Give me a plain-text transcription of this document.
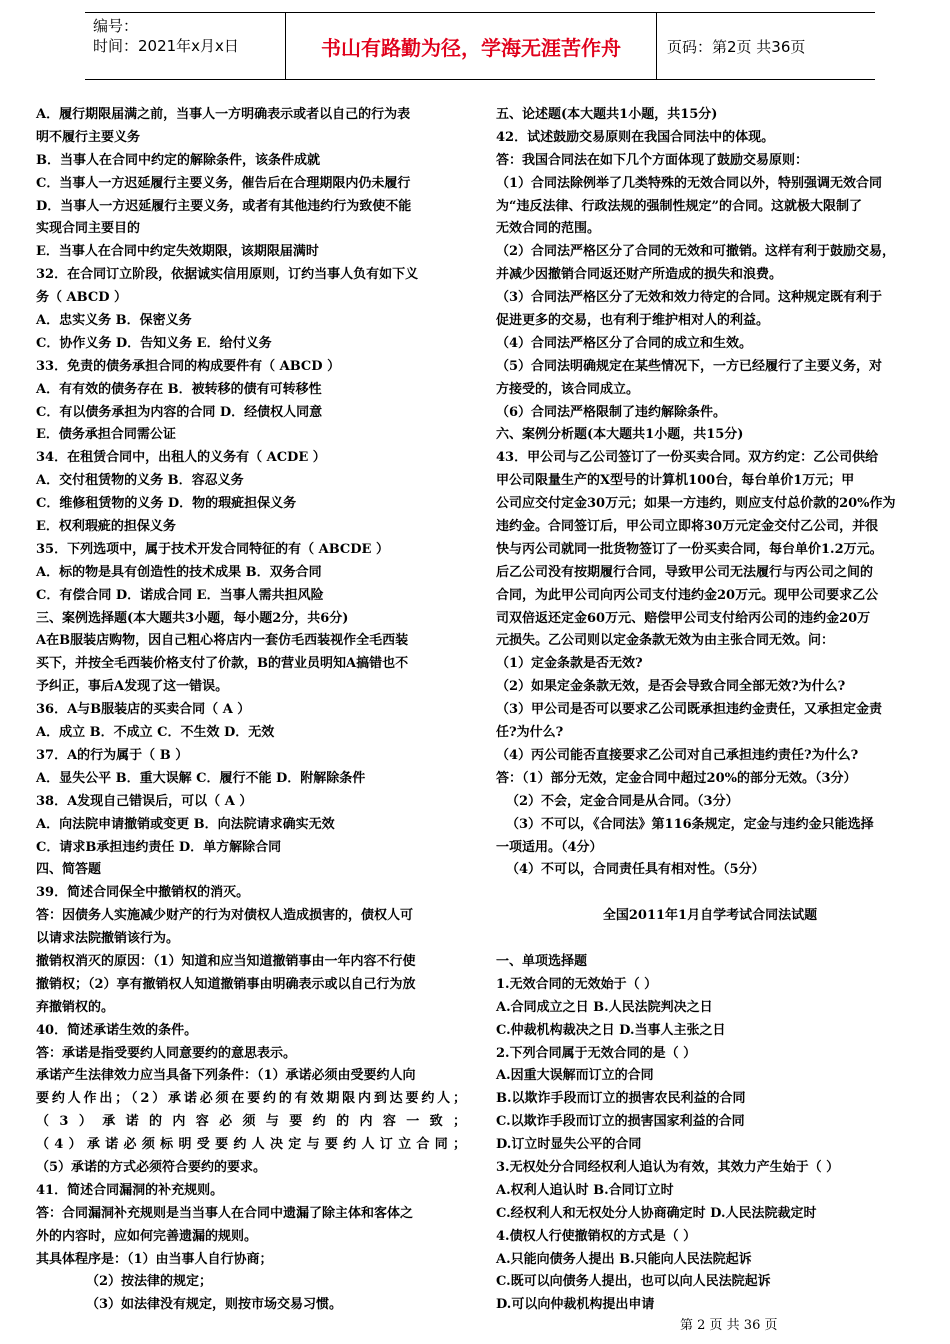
编号：
时间：2021年x月x日	书山有路勤为径，学海无涯苦作舟	页码：第2页 共36页
A．履行期限届满之前，当事人一方明确表示或者以自己的行为表
明不履行主要义务
B．当事人在合同中约定的解除条件，该条件成就
C．当事人一方迟延履行主要义务，催告后在合理期限内仍未履行
D．当事人一方迟延履行主要义务，或者有其他违约行为致使不能
实现合同主要目的
E．当事人在合同中约定失效期限，该期限届满时
32．在合同订立阶段，依据诚实信用原则，订约当事人负有如下义
务（ ABCD ）
A．忠实义务 B．保密义务
C．协作义务 D．告知义务 E．给付义务
33．免责的债务承担合同的构成要件有（ ABCD ）
A．有有效的债务存在 B．被转移的债有可转移性
C．有以债务承担为内容的合同 D．经债权人同意
E．债务承担合同需公证
34．在租赁合同中，出租人的义务有（ ACDE ）
A．交付租赁物的义务 B．容忍义务
C．维修租赁物的义务 D．物的瑕疵担保义务
E．权利瑕疵的担保义务
35．下列选项中，属于技术开发合同特征的有（ ABCDE ）
A．标的物是具有创造性的技术成果 B．双务合同
C．有偿合同 D．诺成合同 E．当事人需共担风险
三、案例选择题(本大题共3小题，每小题2分，共6分)
A在B服装店购物，因自己粗心将店内一套仿毛西装视作全毛西装
买下，并按全毛西装价格支付了价款，B的营业员明知A搞错也不
予纠正，事后A发现了这一错误。
36．A与B服装店的买卖合同（ A ）
A．成立 B．不成立 C．不生效 D．无效
37．A的行为属于（ B ）
A．显失公平 B．重大误解 C．履行不能 D．附解除条件
38．A发现自己错误后，可以（ A ）
A．向法院申请撤销或变更 B．向法院请求确实无效
C．请求B承担违约责任 D．单方解除合同
四、简答题
39．简述合同保全中撤销权的消灭。
答：因债务人实施减少财产的行为对债权人造成损害的，债权人可
以请求法院撤销该行为。
撤销权消灭的原因：（1）知道和应当知道撤销事由一年内容不行使
撤销权；（2）享有撤销权人知道撤销事由明确表示或以自己行为放
弃撤销权的。
40．简述承诺生效的条件。
答：承诺是指受要约人同意要约的意思表示。
承诺产生法律效力应当具备下列条件：（1）承诺必须由受要约人向
要约人作出；（2）承诺必须在要约的有效期限内到达要约人；
（3）承诺的内容必须与要约的内容一致；
（4）承诺必须标明受要约人决定与要约人订立合同；
（5）承诺的方式必须符合要约的要求。
41．简述合同漏洞的补充规则。
答：合同漏洞补充规则是当当事人在合同中遗漏了除主体和客体之
外的内容时，应如何完善遗漏的规则。
其具体程序是：（1）由当事人自行协商；
（2）按法律的规定；
（3）如法律没有规定，则按市场交易习惯。
五、论述题(本大题共1小题，共15分)
42．试述鼓励交易原则在我国合同法中的体现。
答：我国合同法在如下几个方面体现了鼓励交易原则：
（1）合同法除例举了几类特殊的无效合同以外，特别强调无效合同
为“违反法律、行政法规的强制性规定”的合同。这就极大限制了
无效合同的范围。
（2）合同法严格区分了合同的无效和可撤销。这样有利于鼓励交易，
并减少因撤销合同返还财产所造成的损失和浪费。
（3）合同法严格区分了无效和效力待定的合同。这种规定既有利于
促进更多的交易，也有利于维护相对人的利益。
（4）合同法严格区分了合同的成立和生效。
（5）合同法明确规定在某些情况下，一方已经履行了主要义务，对
方接受的，该合同成立。
（6）合同法严格限制了违约解除条件。
六、案例分析题(本大题共1小题，共15分)
43．甲公司与乙公司签订了一份买卖合同。双方约定：乙公司供给
甲公司限量生产的X型号的计算机100台，每台单价1万元；甲
公司应交付定金30万元；如果一方违约，则应支付总价款的20%作为
违约金。合同签订后，甲公司立即将30万元定金交付乙公司，并很
快与丙公司就同一批货物签订了一份买卖合同，每台单价1.2万元。
后乙公司没有按期履行合同，导致甲公司无法履行与丙公司之间的
合同，为此甲公司向丙公司支付违约金20万元。现甲公司要求乙公
司双倍返还定金60万元、赔偿甲公司支付给丙公司的违约金20万
元损失。乙公司则以定金条款无效为由主张合同无效。问：
（1）定金条款是否无效?
（2）如果定金条款无效，是否会导致合同全部无效?为什么?
（3）甲公司是否可以要求乙公司既承担违约金责任，又承担定金责
任?为什么?
（4）丙公司能否直接要求乙公司对自己承担违约责任?为什么?
答：（1）部分无效，定金合同中超过20%的部分无效。（3分）
（2）不会，定金合同是从合同。（3分）
（3）不可以，《合同法》第116条规定，定金与违约金只能选择
一项适用。（4分）
（4）不可以，合同责任具有相对性。（5分）
全国2011年1月自学考试合同法试题
一、单项选择题
1.无效合同的无效始于（ ）
A.合同成立之日 B.人民法院判决之日
C.仲裁机构裁决之日 D.当事人主张之日
2.下列合同属于无效合同的是（ ）
A.因重大误解而订立的合同
B.以欺诈手段而订立的损害农民利益的合同
C.以欺诈手段而订立的损害国家利益的合同
D.订立时显失公平的合同
3.无权处分合同经权利人追认为有效，其效力产生始于（ ）
A.权利人追认时 B.合同订立时
C.经权利人和无权处分人协商确定时 D.人民法院裁定时
4.债权人行使撤销权的方式是（ ）
A.只能向债务人提出 B.只能向人民法院起诉
C.既可以向债务人提出，也可以向人民法院起诉
D.可以向仲裁机构提出申请
第 2 页 共 36 页
